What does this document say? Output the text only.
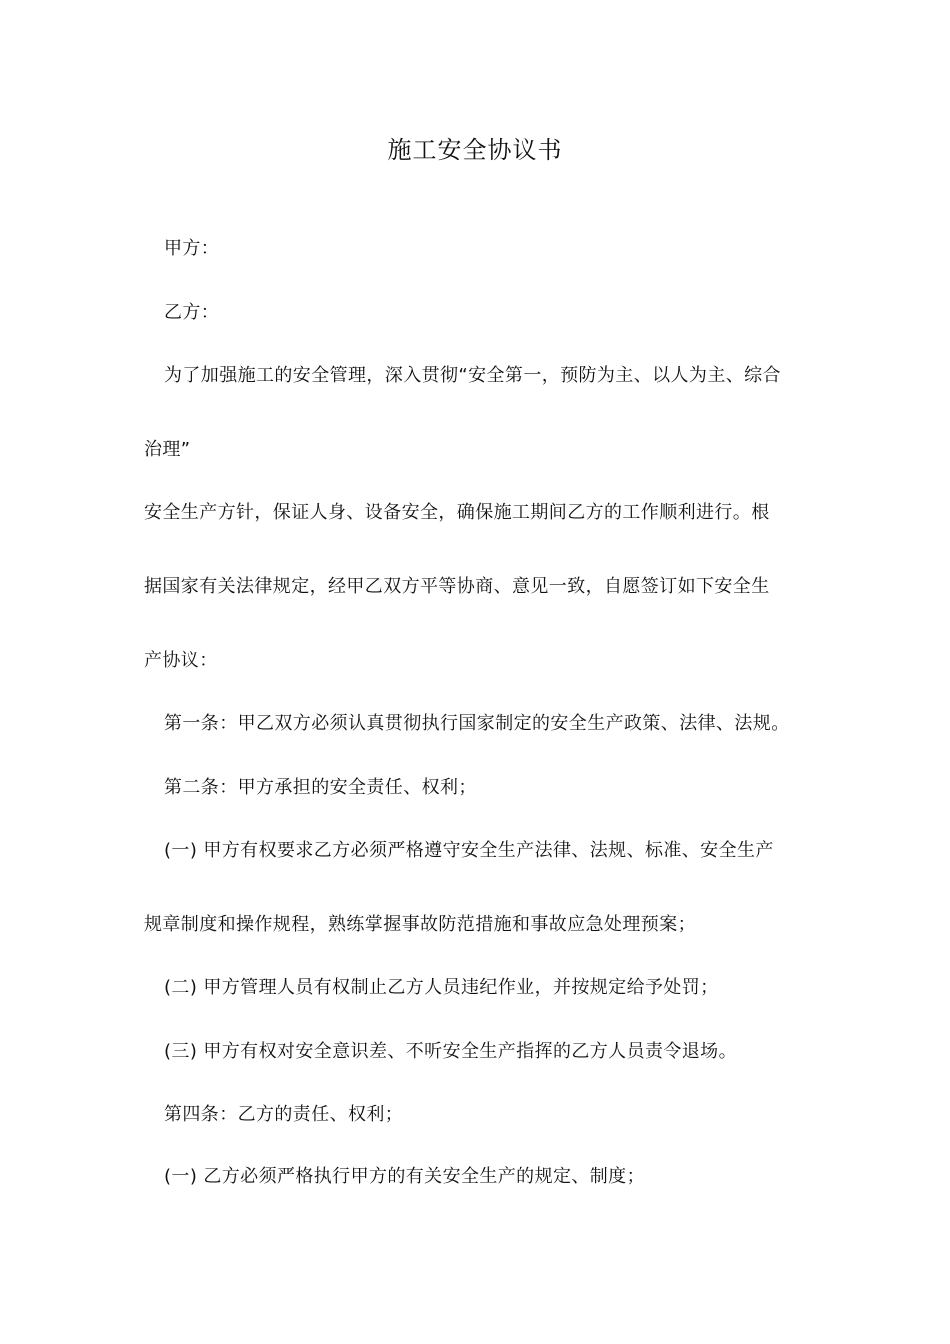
施工安全协议书
甲方：
乙方：
为了加强施工的安全管理，深入贯彻“安全第一，预防为主、以人为主、综合
治理”
安全生产方针，保证人身、设备安全，确保施工期间乙方的工作顺利进行。根
据国家有关法律规定，经甲乙双方平等协商、意见一致，自愿签订如下安全生
产协议：
第一条：甲乙双方必须认真贯彻执行国家制定的安全生产政策、法律、法规。
第二条：甲方承担的安全责任、权利；
(一) 甲方有权要求乙方必须严格遵守安全生产法律、法规、标准、安全生产
规章制度和操作规程，熟练掌握事故防范措施和事故应急处理预案；
(二) 甲方管理人员有权制止乙方人员违纪作业，并按规定给予处罚；
(三) 甲方有权对安全意识差、不听安全生产指挥的乙方人员责令退场。
第四条：乙方的责任、权利；
(一) 乙方必须严格执行甲方的有关安全生产的规定、制度；
